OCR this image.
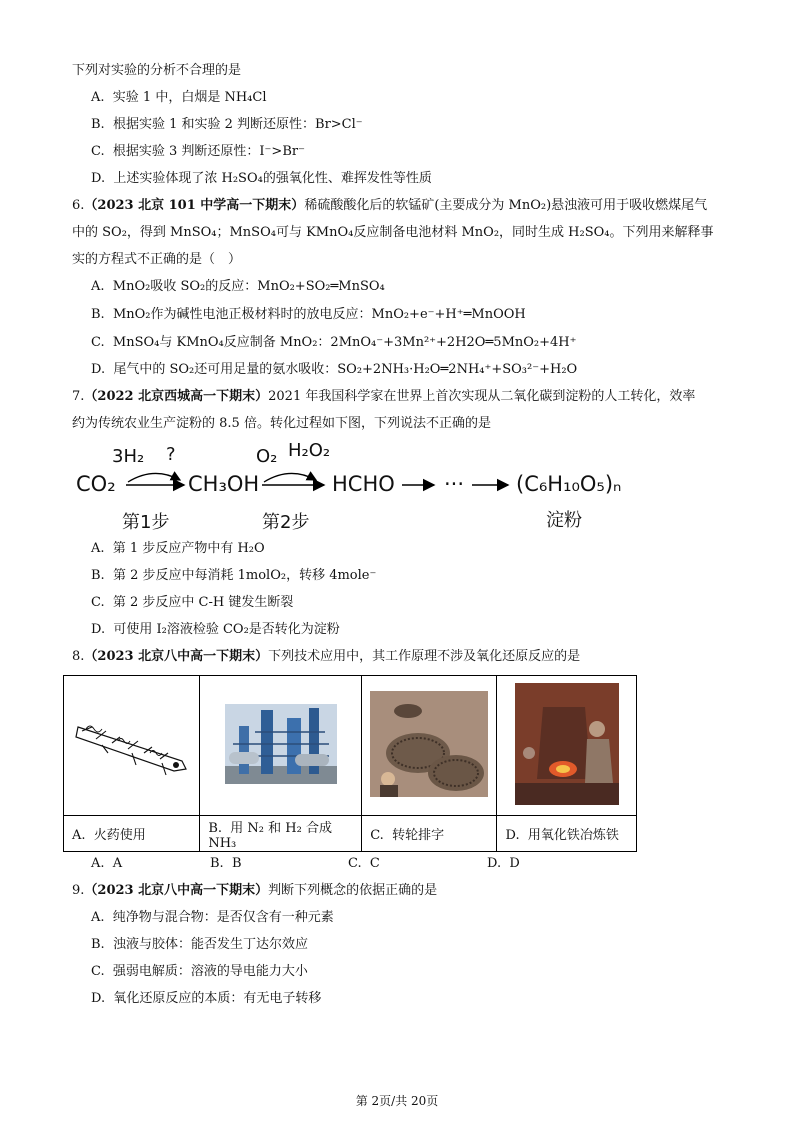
下列对实验的分析不合理的是
A. 实验 1 中，白烟是 NH₄Cl
B. 根据实验 1 和实验 2 判断还原性：Br>Cl⁻
C. 根据实验 3 判断还原性：I⁻>Br⁻
D. 上述实验体现了浓 H₂SO₄的强氧化性、难挥发性等性质
6.（2023 北京 101 中学高一下期末）稀硫酸酸化后的软锰矿(主要成分为 MnO₂)悬浊液可用于吸收燃煤尾气
中的 SO₂，得到 MnSO₄；MnSO₄可与 KMnO₄反应制备电池材料 MnO₂，同时生成 H₂SO₄。下列用来解释事
实的方程式不正确的是（　）
A. MnO₂吸收 SO₂的反应：MnO₂+SO₂═MnSO₄
B. MnO₂作为碱性电池正极材料时的放电反应：MnO₂+e⁻+H⁺═MnOOH
C. MnSO₄与 KMnO₄反应制备 MnO₂：2MnO₄⁻+3Mn²⁺+2H2O═5MnO₂+4H⁺
D. 尾气中的 SO₂还可用足量的氨水吸收：SO₂+2NH₃·H₂O═2NH₄⁺+SO₃²⁻+H₂O
7.（2022 北京西城高一下期末）2021 年我国科学家在世界上首次实现从二氧化碳到淀粉的人工转化，效率
约为传统农业生产淀粉的 8.5 倍。转化过程如下图，下列说法不正确的是
3H₂ ?
CO₂	CH₃OH
O₂ H₂O₂
HCHO ··· (C₆H₁₀O₅)ₙ
第1步	第2步	淀粉
A. 第 1 步反应产物中有 H₂O
B. 第 2 步反应中每消耗 1molO₂，转移 4mole⁻
C. 第 2 步反应中 C-H 键发生断裂
D. 可使用 I₂溶液检验 CO₂是否转化为淀粉
8.（2023 北京八中高一下期末）下列技术应用中，其工作原理不涉及氧化还原反应的是

A. 火药使用	B. 用 N₂ 和 H₂ 合成 NH₃	C. 转轮排字	D. 用氧化铁冶炼铁
A. A	B. B	C. C	D. D
9.（2023 北京八中高一下期末）判断下列概念的依据正确的是
A. 纯净物与混合物：是否仅含有一种元素
B. 浊液与胶体：能否发生丁达尔效应
C. 强弱电解质：溶液的导电能力大小
D. 氧化还原反应的本质：有无电子转移
第 2页/共 20页
